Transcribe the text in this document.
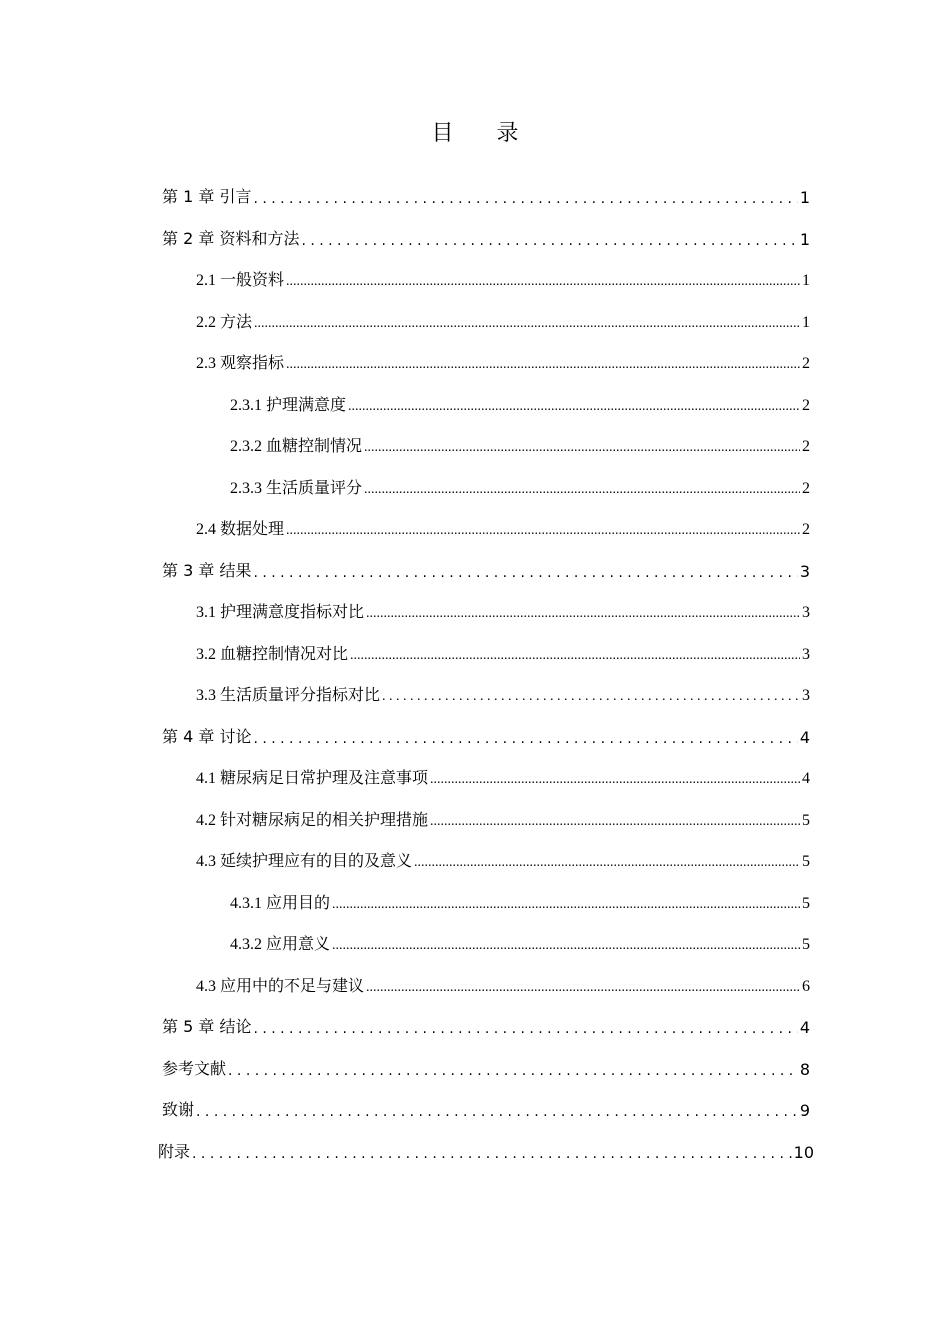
目 录
第 1 章 引言 . . .	1
第 2 章 资料和方法 . . .	1
2.1 一般资料 .....	1
2.2 方法 .....	1
2.3 观察指标 .....	2
2.3.1 护理满意度 .....	2
2.3.2 血糖控制情况 .....	2
2.3.3 生活质量评分 .....	2
2.4 数据处理 .....	2
第 3 章 结果 . . .	3
3.1 护理满意度指标对比 .....	3
3.2 血糖控制情况对比 .....	3
3.3 生活质量评分指标对比 . . .	3
第 4 章 讨论 . . .	4
4.1 糖尿病足日常护理及注意事项 .....	4
4.2 针对糖尿病足的相关护理措施 .....	5
4.3 延续护理应有的目的及意义 .....	5
4.3.1 应用目的 .....	5
4.3.2 应用意义 .....	5
4.3 应用中的不足与建议 .....	6
第 5 章 结论 . . .	4
参考文献 . . .	8
致谢 . . .	9
附录 . . .	10
